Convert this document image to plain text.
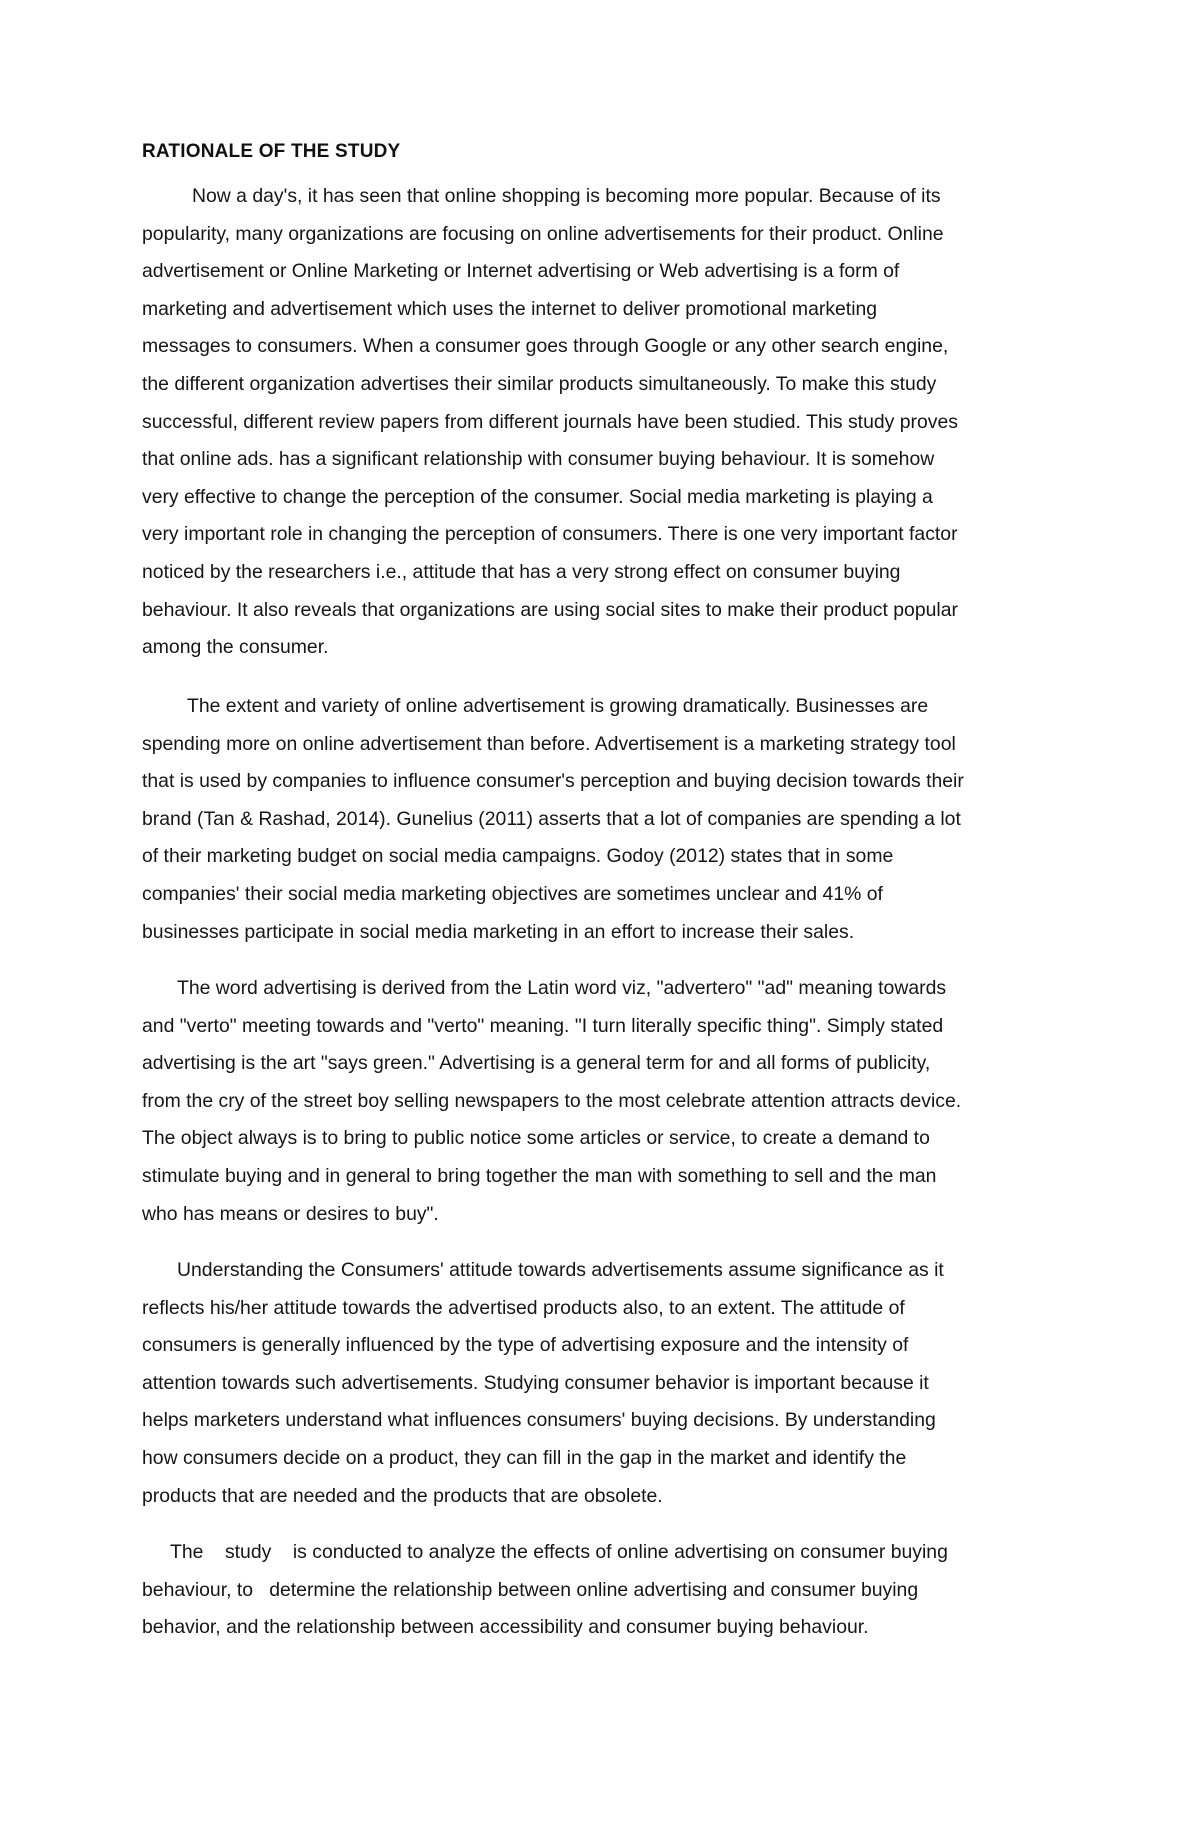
RATIONALE OF THE STUDY

Now a day's, it has seen that online shopping is becoming more popular. Because of its
popularity, many organizations are focusing on online advertisements for their product. Online
advertisement or Online Marketing or Internet advertising or Web advertising is a form of
marketing and advertisement which uses the internet to deliver promotional marketing
messages to consumers. When a consumer goes through Google or any other search engine,
the different organization advertises their similar products simultaneously. To make this study
successful, different review papers from different journals have been studied. This study proves
that online ads. has a significant relationship with consumer buying behaviour. It is somehow
very effective to change the perception of the consumer. Social media marketing is playing a
very important role in changing the perception of consumers. There is one very important factor
noticed by the researchers i.e., attitude that has a very strong effect on consumer buying
behaviour. It also reveals that organizations are using social sites to make their product popular
among the consumer.

The extent and variety of online advertisement is growing dramatically. Businesses are
spending more on online advertisement than before. Advertisement is a marketing strategy tool
that is used by companies to influence consumer's perception and buying decision towards their
brand (Tan & Rashad, 2014). Gunelius (2011) asserts that a lot of companies are spending a lot
of their marketing budget on social media campaigns. Godoy (2012) states that in some
companies' their social media marketing objectives are sometimes unclear and 41% of
businesses participate in social media marketing in an effort to increase their sales.

The word advertising is derived from the Latin word viz, "advertero" "ad" meaning towards
and "verto" meeting towards and "verto" meaning. "I turn literally specific thing". Simply stated
advertising is the art "says green." Advertising is a general term for and all forms of publicity,
from the cry of the street boy selling newspapers to the most celebrate attention attracts device.
The object always is to bring to public notice some articles or service, to create a demand to
stimulate buying and in general to bring together the man with something to sell and the man
who has means or desires to buy".

Understanding the Consumers' attitude towards advertisements assume significance as it
reflects his/her attitude towards the advertised products also, to an extent. The attitude of
consumers is generally influenced by the type of advertising exposure and the intensity of
attention towards such advertisements. Studying consumer behavior is important because it
helps marketers understand what influences consumers' buying decisions. By understanding
how consumers decide on a product, they can fill in the gap in the market and identify the
products that are needed and the products that are obsolete.

The    study    is conducted to analyze the effects of online advertising on consumer buying
behaviour, to   determine the relationship between online advertising and consumer buying
behavior, and the relationship between accessibility and consumer buying behaviour.
